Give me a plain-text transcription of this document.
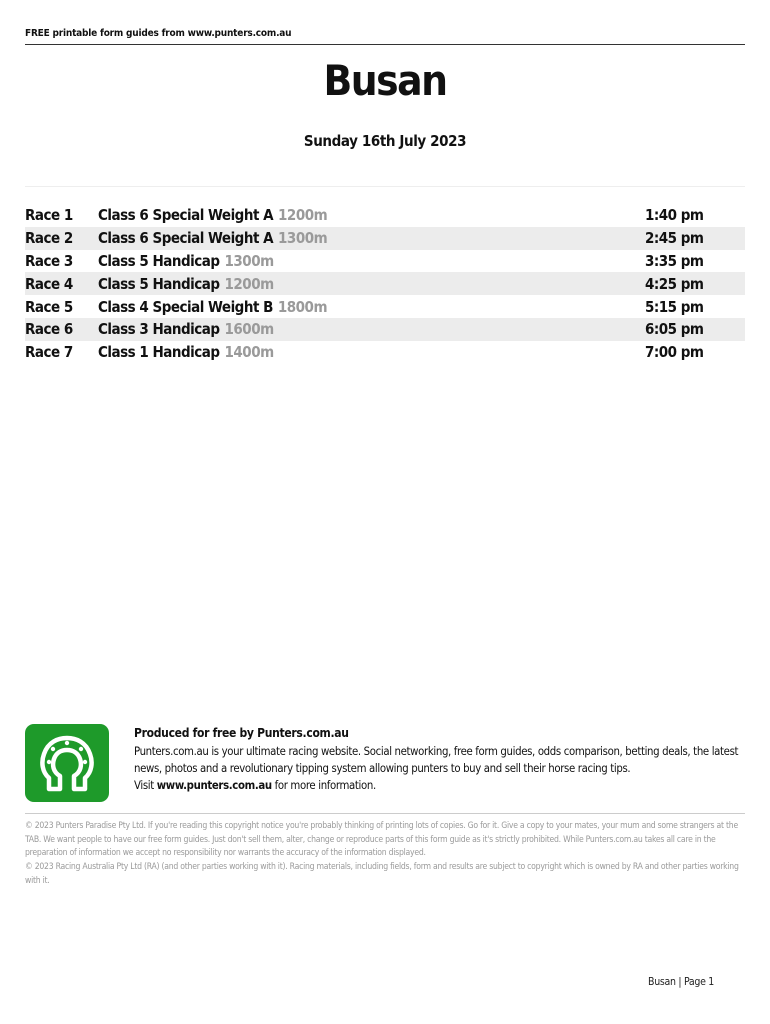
FREE printable form guides from www.punters.com.au
Busan
Sunday 16th July 2023
Race 1	Class 6 Special Weight A 1200m	1:40 pm
Race 2	Class 6 Special Weight A 1300m	2:45 pm
Race 3	Class 5 Handicap 1300m	3:35 pm
Race 4	Class 5 Handicap 1200m	4:25 pm
Race 5	Class 4 Special Weight B 1800m	5:15 pm
Race 6	Class 3 Handicap 1600m	6:05 pm
Race 7	Class 1 Handicap 1400m	7:00 pm
Produced for free by Punters.com.au
Punters.com.au is your ultimate racing website. Social networking, free form guides, odds comparison, betting deals, the latest news, photos and a revolutionary tipping system allowing punters to buy and sell their horse racing tips.
Visit www.punters.com.au for more information.

© 2023 Punters Paradise Pty Ltd. If you're reading this copyright notice you're probably thinking of printing lots of copies. Go for it. Give a copy to your mates, your mum and some strangers at the TAB. We want people to have our free form guides. Just don't sell them, alter, change or reproduce parts of this form guide as it's strictly prohibited. While Punters.com.au takes all care in the preparation of information we accept no responsibility nor warrants the accuracy of the information displayed.

© 2023 Racing Australia Pty Ltd (RA) (and other parties working with it). Racing materials, including fields, form and results are subject to copyright which is owned by RA and other parties working with it.

Busan | Page 1
